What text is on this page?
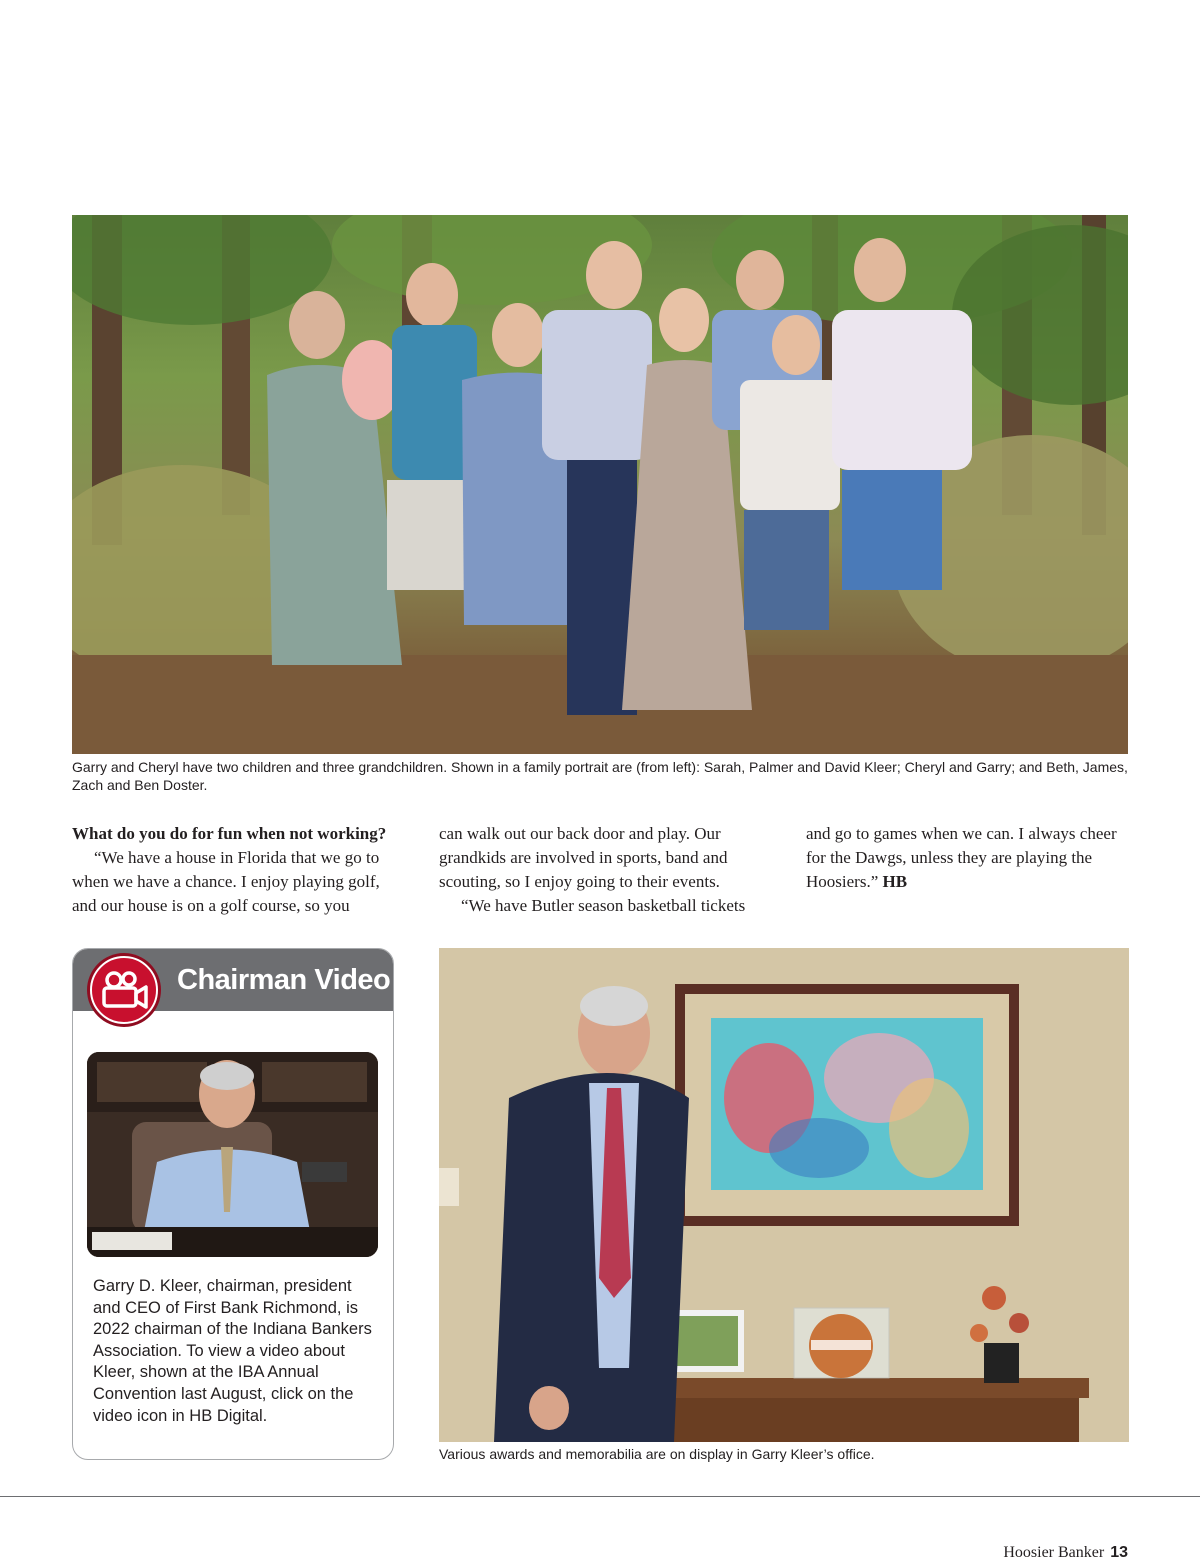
Garry and Cheryl have two children and three grandchildren. Shown in a family portrait are (from left): Sarah, Palmer and David Kleer; Cheryl and Garry; and Beth, James, Zach and Ben Doster.

What do you do for fun when not working?

“We have a house in Florida that we go to when we have a chance. I enjoy playing golf, and our house is on a golf course, so you

can walk out our back door and play. Our grandkids are involved in sports, band and scouting, so I enjoy going to their events.

“We have Butler season basketball tickets

and go to games when we can. I always cheer for the Dawgs, unless they are playing the Hoosiers.” HB

Chairman Video
Garry D. Kleer, chairman, president and CEO of First Bank Richmond, is 2022 chairman of the Indiana Bankers Association. To view a video about Kleer, shown at the IBA Annual Convention last August, click on the video icon in HB Digital.
Various awards and memorabilia are on display in Garry Kleer’s office.
Hoosier Banker 13
